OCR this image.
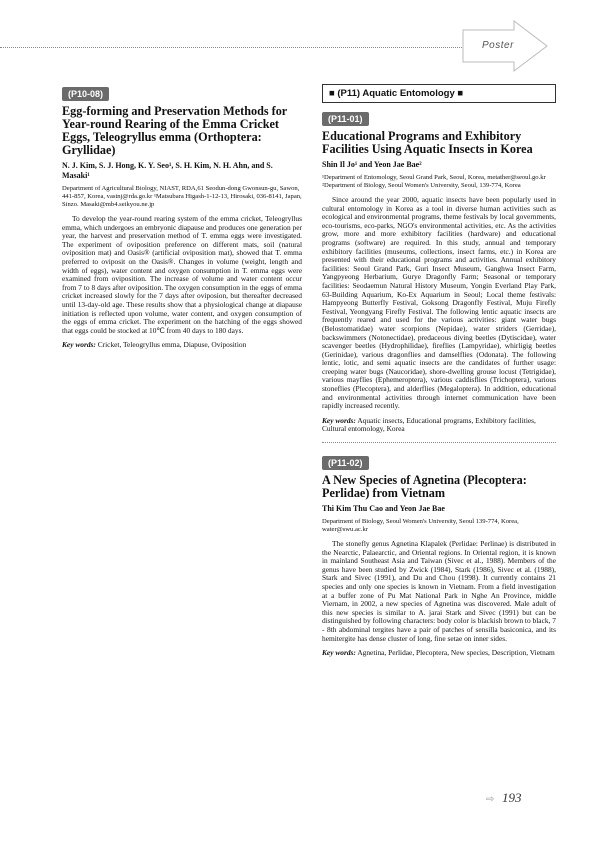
Poster
(P10-08)
Egg-forming and Preservation Methods for Year-round Rearing of the Emma Cricket Eggs, Teleogryllus emma (Orthoptera: Gryllidae)
N. J. Kim, S. J. Hong, K. Y. Seo¹, S. H. Kim, N. H. Ahn, and S. Masaki¹
Department of Agricultural Biology, NIAST, RDA,61 Seodun-dong Gwonsun-gu, Sawon, 441-857, Korea, vastnj@rda.go.kr ¹Matsubara Higash-1-12-13, Hirosaki, 036-8141, Japan, Sinzo. Masaki@mb4.seikyou.ne.jp

To develop the year-round rearing system of the emma cricket, Teleogryllus emma, which undergoes an embryonic diapause and produces one generation per year, the harvest and preservation method of T. emma eggs were investigated. The experiment of oviposition preference on different mats, soil (natural oviposition mat) and Oasis® (artificial oviposition mat), showed that T. emma preferred to oviposit on the Oasis®. Changes in volume (weight, length and width of eggs), water content and oxygen consumption in T. emma eggs were examined from oviposition. The increase of volume and water content occur from 7 to 8 days after oviposition. The oxygen consumption in the eggs of emma cricket increased slowly for the 7 days after oviposion, but thereafter decreased until 13-day-old age. These results show that a physiological change at diapause initiation is reflected upon volume, water content, and oxygen consumption of the eggs of emma cricket. The experiment on the hatching of the eggs showed that eggs could be stocked at 10℃ from 40 days to 180 days.

Key words: Cricket, Teleogryllus emma, Diapuse, Oviposition
■ (P11) Aquatic Entomology ■
(P11-01)
Educational Programs and Exhibitory Facilities Using Aquatic Insects in Korea
Shin Il Jo¹ and Yeon Jae Bae²
¹Department of Entomology, Seoul Grand Park, Seoul, Korea, metather@seoul.go.kr ²Department of Biology, Seoul Women's University, Seoul, 139-774, Korea

Since around the year 2000, aquatic insects have been popularly used in cultural entomology in Korea as a tool in diverse human activities such as ecological and environmental programs, theme festivals by local governments, eco-tourisms, eco-parks, NGO's environmental activities, etc. As the activities grow, more and more exhibitory facilities (hardware) and educational programs (software) are required. In this study, annual and temporary exhibitory facilities (museums, collections, insect farms, etc.) in Korea are presented with their educational programs and activities. Annual exhibitory facilities: Seoul Grand Park, Guri Insect Museum, Ganghwa Insect Farm, Yangpyeong Herbarium, Gurye Dragonfly Farm; Seasonal or temporary facilities: Seodaemun Natural History Museum, Yongin Everland Play Park, 63-Building Aquarium, Ko-Ex Aquarium in Seoul; Local theme festivals: Hampyeong Butterfly Festival, Goksong Dragonfly Festival, Muju Firefly Festival, Yeongyang Firefly Festival. The following lentic aquatic insects are frequently reared and used for the various activities: giant water bugs (Belostomatidae) water scorpions (Nepidae), water striders (Gerridae), backswimmers (Notonectidae), predaceous diving beetles (Dytiscidae), water scavenger beetles (Hydrophilidae), fireflies (Lampyridae), whirligig beetles (Gerinidae), various dragonflies and damselflies (Odonata). The following lentic, lotic, and semi aquatic insects are the candidates of further usage: creeping water bugs (Naucoridae), shore-dwelling grouse locust (Tetrigidae), various mayflies (Ephemeroptera), various caddisflies (Trichoptera), various stoneflies (Plecoptera), and alderflies (Megaloptera). In addition, educational and environmental activities through internet communication have been rapidly increased recently.

Key words: Aquatic insects, Educational programs, Exhibitory facilities, Cultural entomology, Korea
(P11-02)
A New Species of Agnetina (Plecoptera: Perlidae) from Vietnam
Thi Kim Thu Cao and Yeon Jae Bae
Department of Biology, Seoul Women's University, Seoul 139-774, Korea, water@swu.ac.kr

The stonefly genus Agnetina Klapalek (Perlidae: Perlinae) is distributed in the Nearctic, Palaearctic, and Oriental regions. In Oriental region, it is known in mainland Southeast Asia and Taiwan (Sivec et al., 1988). Members of the genus have been studied by Zwick (1984), Stark (1986), Sivec et al. (1988), Stark and Sivec (1991), and Du and Chou (1998). It currently contains 21 species and only one species is known in Vietnam. From a field investigation at a buffer zone of Pu Mat National Park in Nghe An Province, middle Viernam, in 2002, a new species of Agnetina was discovered. Male adult of this new species is similar to A. jarai Stark and Sivec (1991) but can be distinguished by following characters: body color is blackish brown to black, 7 - 8th abdominal tergites have a pair of patches of sensilla basiconica, and its hemitergite has dense cluster of long, fine setae on inner sides.

Key words: Agnetina, Perlidae, Plecoptera, New species, Description, Vietnam
⇨ 193
